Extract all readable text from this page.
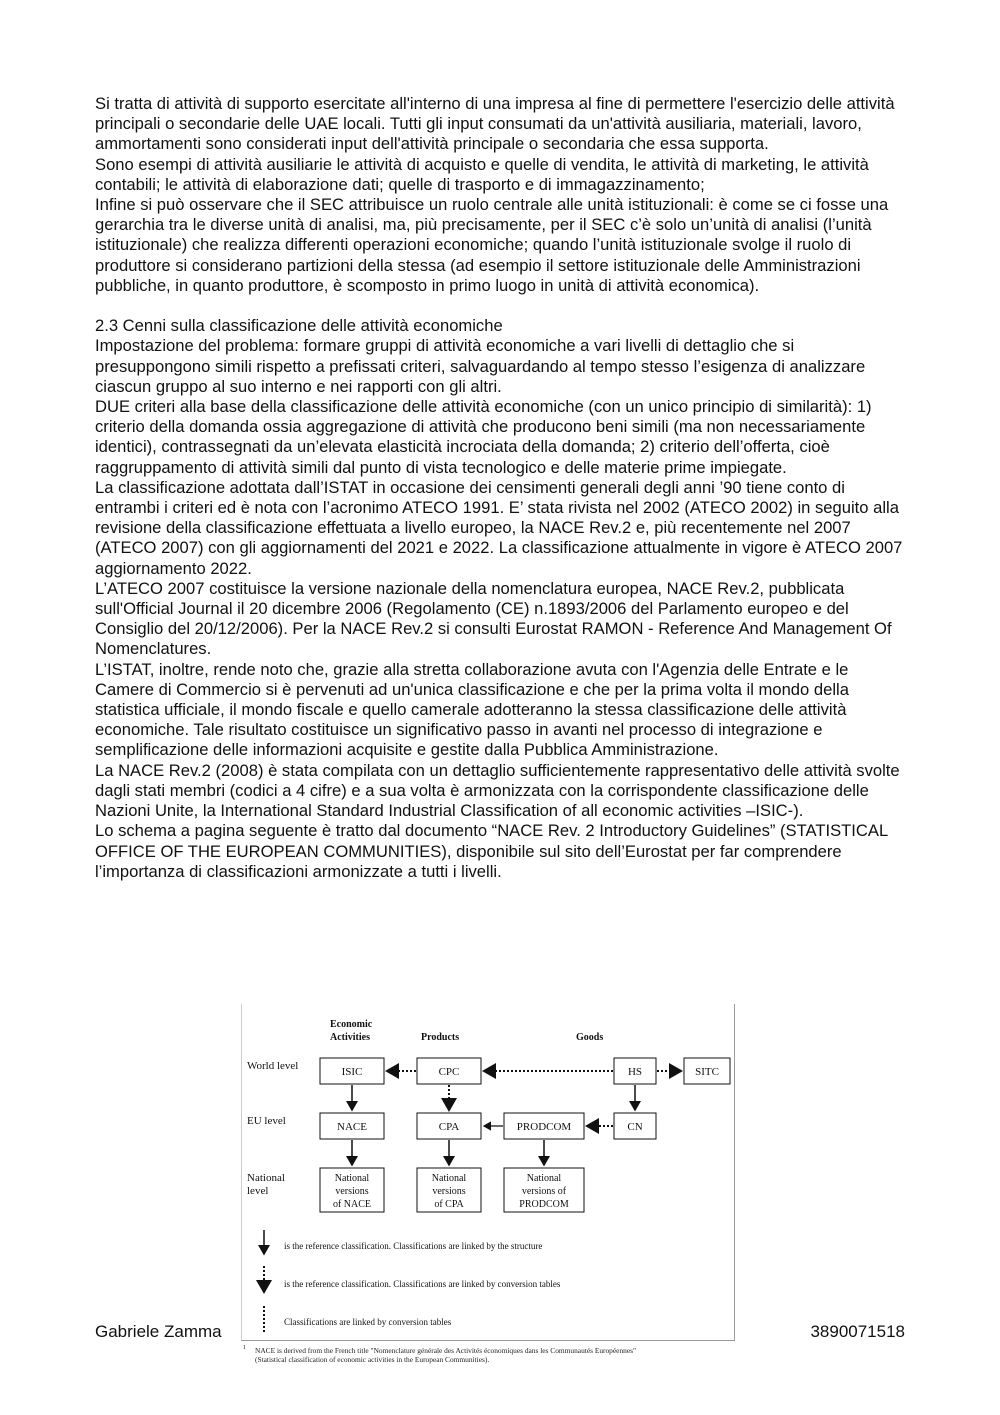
Si tratta di attività di supporto esercitate all'interno di una impresa al fine di permettere l'esercizio delle attività principali o secondarie delle UAE locali. Tutti gli input consumati da un'attività ausiliaria, materiali, lavoro, ammortamenti sono considerati input dell'attività principale o secondaria che essa supporta.

Sono esempi di attività ausiliarie le attività di acquisto e quelle di vendita, le attività di marketing, le attività contabili; le attività di elaborazione dati; quelle di trasporto e di immagazzinamento;

Infine si può osservare che il SEC attribuisce un ruolo centrale alle unità istituzionali: è come se ci fosse una gerarchia tra le diverse unità di analisi, ma, più precisamente, per il SEC c’è solo un’unità di analisi (l’unità istituzionale) che realizza differenti operazioni economiche; quando l’unità istituzionale svolge il ruolo di produttore si considerano partizioni della stessa (ad esempio il settore istituzionale delle Amministrazioni pubbliche, in quanto produttore, è scomposto in primo luogo in unità di attività economica).

2.3 Cenni sulla classificazione delle attività economiche

Impostazione del problema: formare gruppi di attività economiche a vari livelli di dettaglio che si presuppongono simili rispetto a prefissati criteri, salvaguardando al tempo stesso l’esigenza di analizzare ciascun gruppo al suo interno e nei rapporti con gli altri.

DUE criteri alla base della classificazione delle attività economiche (con un unico principio di similarità): 1) criterio della domanda ossia aggregazione di attività che producono beni simili (ma non necessariamente identici), contrassegnati da un’elevata elasticità incrociata della domanda; 2) criterio dell’offerta, cioè raggruppamento di attività simili dal punto di vista tecnologico e delle materie prime impiegate.

La classificazione adottata dall’ISTAT in occasione dei censimenti generali degli anni ’90 tiene conto di entrambi i criteri ed è nota con l’acronimo ATECO 1991. E’ stata rivista nel 2002 (ATECO 2002) in seguito alla revisione della classificazione effettuata a livello europeo, la NACE Rev.2 e, più recentemente nel 2007 (ATECO 2007) con gli aggiornamenti del 2021 e 2022. La classificazione attualmente in vigore è ATECO 2007 aggiornamento 2022.

L’ATECO 2007 costituisce la versione nazionale della nomenclatura europea, NACE Rev.2, pubblicata sull'Official Journal il 20 dicembre 2006 (Regolamento (CE) n.1893/2006 del Parlamento europeo e del Consiglio del 20/12/2006). Per la NACE Rev.2 si consulti Eurostat RAMON - Reference And Management Of Nomenclatures.

L’ISTAT, inoltre, rende noto che, grazie alla stretta collaborazione avuta con l'Agenzia delle Entrate e le Camere di Commercio si è pervenuti ad un'unica classificazione e che per la prima volta il mondo della statistica ufficiale, il mondo fiscale e quello camerale adotteranno la stessa classificazione delle attività economiche. Tale risultato costituisce un significativo passo in avanti nel processo di integrazione e semplificazione delle informazioni acquisite e gestite dalla Pubblica Amministrazione.

La NACE Rev.2 (2008) è stata compilata con un dettaglio sufficientemente rappresentativo delle attività svolte dagli stati membri (codici a 4 cifre) e a sua volta è armonizzata con la corrispondente classificazione delle Nazioni Unite, la International Standard Industrial Classification of all economic activities –ISIC-).

Lo schema a pagina seguente è tratto dal documento “NACE Rev. 2 Introductory Guidelines” (STATISTICAL OFFICE OF THE EUROPEAN COMMUNITIES), disponibile sul sito dell’Eurostat per far comprendere l’importanza di classificazioni armonizzate a tutti i livelli.

Gabriele Zamma	3890071518
Economic
Activities	Products	Goods
World level
EU level
National
level
ISIC	CPC	HS	SITC
NACE	CPA	PRODCOM	CN
National
versions
of NACE
National
versions
of CPA
National
versions of
PRODCOM
is the reference classification. Classifications are linked by the structure
is the reference classification. Classifications are linked by conversion tables
Classifications are linked by conversion tables
1 NACE is derived from the French title "Nomenclature générale des Activités économiques dans les Communautés Européennes" (Statistical classification of economic activities in the European Communities).
